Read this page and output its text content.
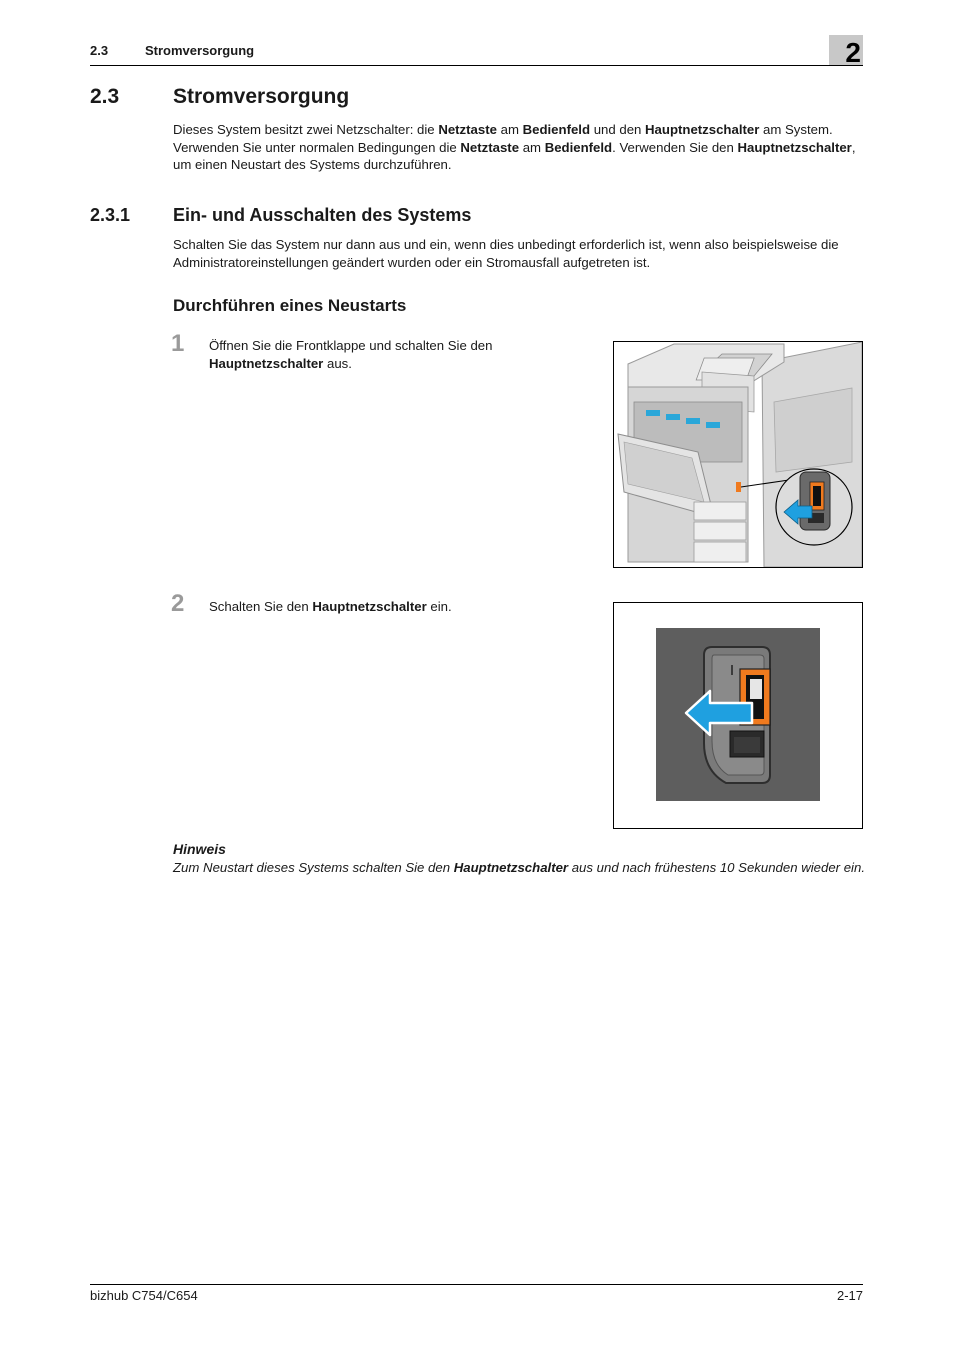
2.3	Stromversorgung	2
2.3	Stromversorgung
Dieses System besitzt zwei Netzschalter: die Netztaste am Bedienfeld und den Hauptnetzschalter am System. Verwenden Sie unter normalen Bedingungen die Netztaste am Bedienfeld. Verwenden Sie den Hauptnetzschalter, um einen Neustart des Systems durchzuführen.
2.3.1 Ein- und Ausschalten des Systems
Schalten Sie das System nur dann aus und ein, wenn dies unbedingt erforderlich ist, wenn also beispielsweise die Administratoreinstellungen geändert wurden oder ein Stromausfall aufgetreten ist.
Durchführen eines Neustarts
1 Öffnen Sie die Frontklappe und schalten Sie den Hauptnetzschalter aus.
2 Schalten Sie den Hauptnetzschalter ein.
Hinweis
Zum Neustart dieses Systems schalten Sie den Hauptnetzschalter aus und nach frühestens 10 Sekunden wieder ein.
bizhub C754/C654	2-17
